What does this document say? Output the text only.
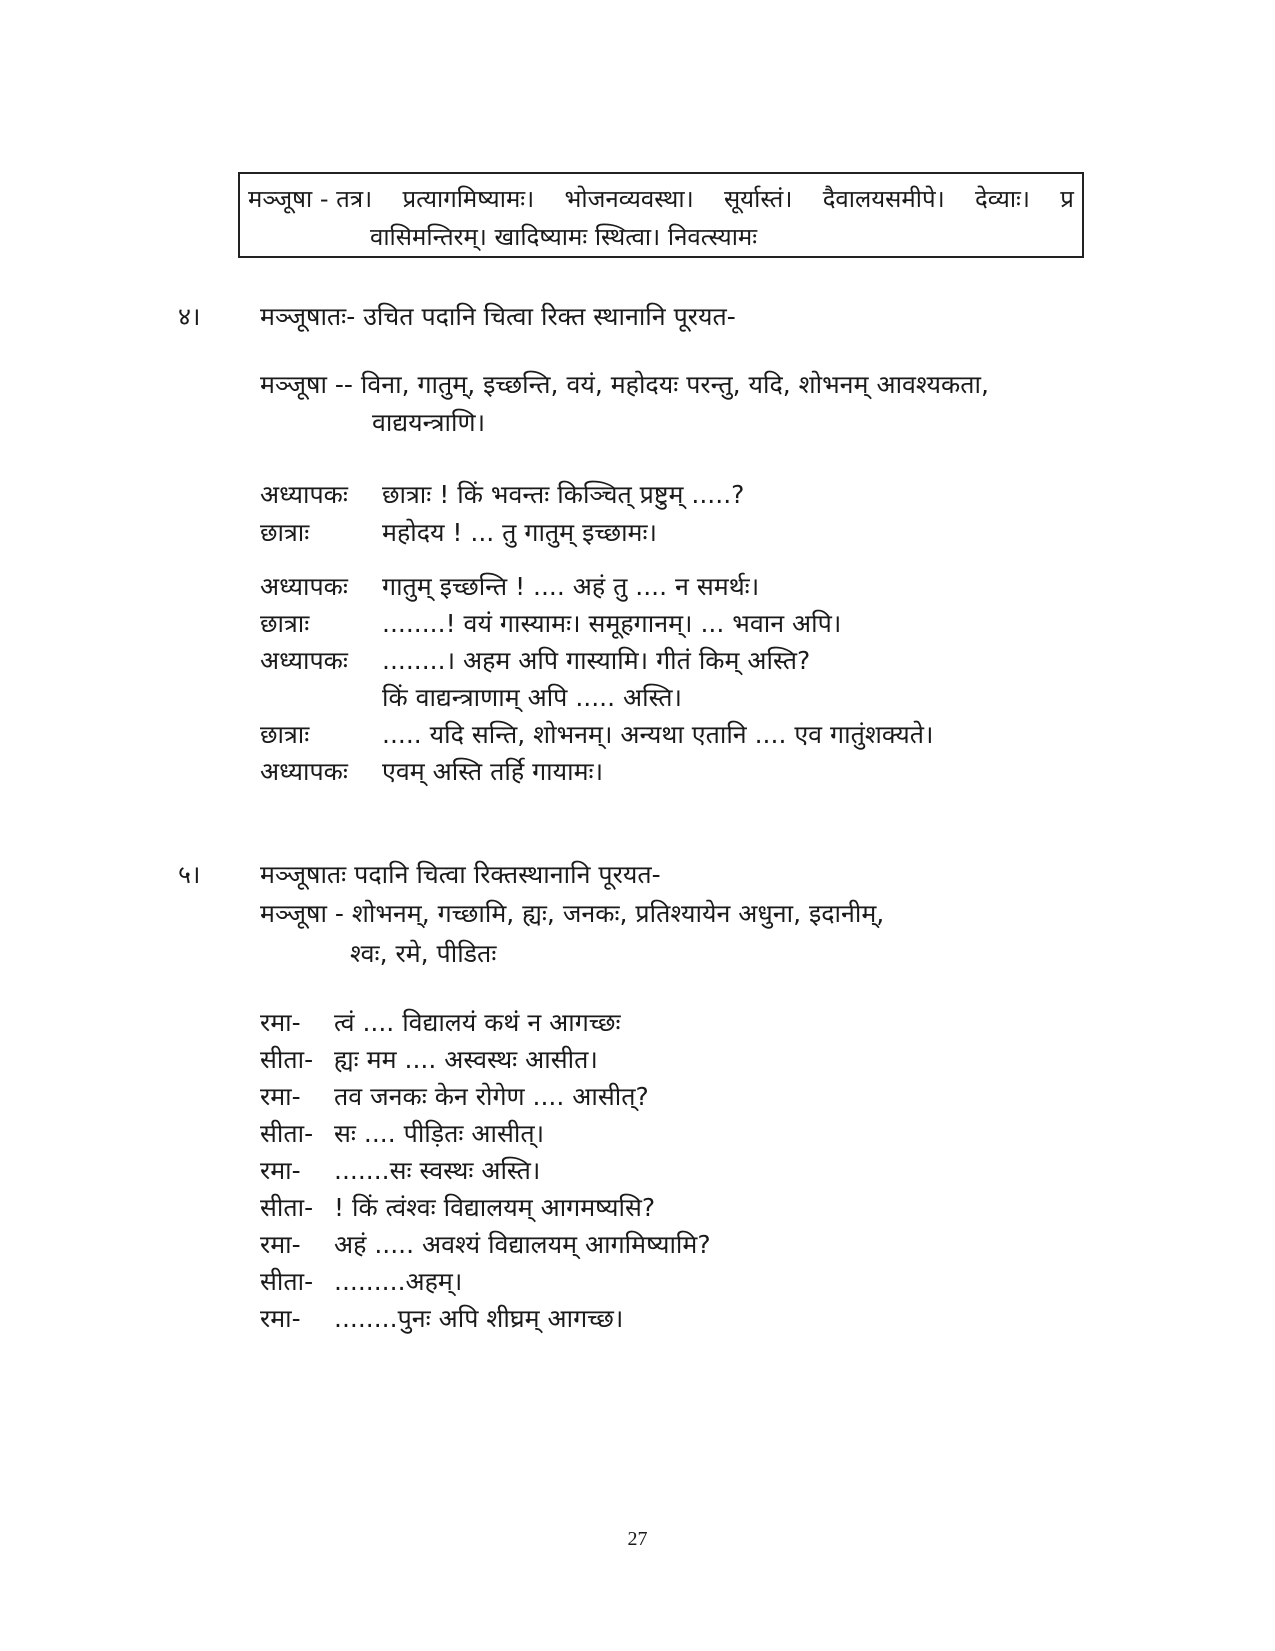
मञ्जूषा - तत्र। प्रत्यागमिष्यामः। भोजनव्यवस्था। सूर्यास्तं। दैवालयसमीपे। देव्याः। प्र
वासिमन्तिरम्। खादिष्यामः स्थित्वा। निवत्स्यामः
४। मञ्जूषातः- उचित पदानि चित्वा रिक्त स्थानानि पूरयत-
मञ्जूषा -- विना, गातुम्, इच्छन्ति, वयं, महोदयः परन्तु, यदि, शोभनम् आवश्यकता,
वाद्ययन्त्राणि।
अध्यापकः	छात्राः ! किं भवन्तः किञ्चित् प्रष्टुम् .....?
छात्राः	महोदय ! ... तु गातुम् इच्छामः।
अध्यापकः	गातुम् इच्छन्ति ! .... अहं तु .... न समर्थः।
छात्राः	........! वयं गास्यामः। समूहगानम्। ... भवान अपि।
अध्यापकः	........। अहम अपि गास्यामि। गीतं किम् अस्ति?
किं वाद्यन्त्राणाम् अपि ..... अस्ति।
छात्राः	..... यदि सन्ति, शोभनम्। अन्यथा एतानि .... एव गातुंशक्यते।
अध्यापकः	एवम् अस्ति तर्हि गायामः।
५। मञ्जूषातः पदानि चित्वा रिक्तस्थानानि पूरयत-
मञ्जूषा - शोभनम्, गच्छामि, ह्यः, जनकः, प्रतिश्यायेन अधुना, इदानीम्,
श्वः, रमे, पीडितः
रमा-	त्वं .... विद्यालयं कथं न आगच्छः
सीता- ह्यः मम .... अस्वस्थः आसीत।
रमा-	तव जनकः केन रोगेण .... आसीत्?
सीता- सः .... पीड़ितः आसीत्।
रमा-	.......सः स्वस्थः अस्ति।
सीता- ! किं त्वंश्वः विद्यालयम् आगमष्यसि?
रमा-	अहं ..... अवश्यं विद्यालयम् आगमिष्यामि?
सीता- .........अहम्।
रमा-	........पुनः अपि शीघ्रम् आगच्छ।
27
